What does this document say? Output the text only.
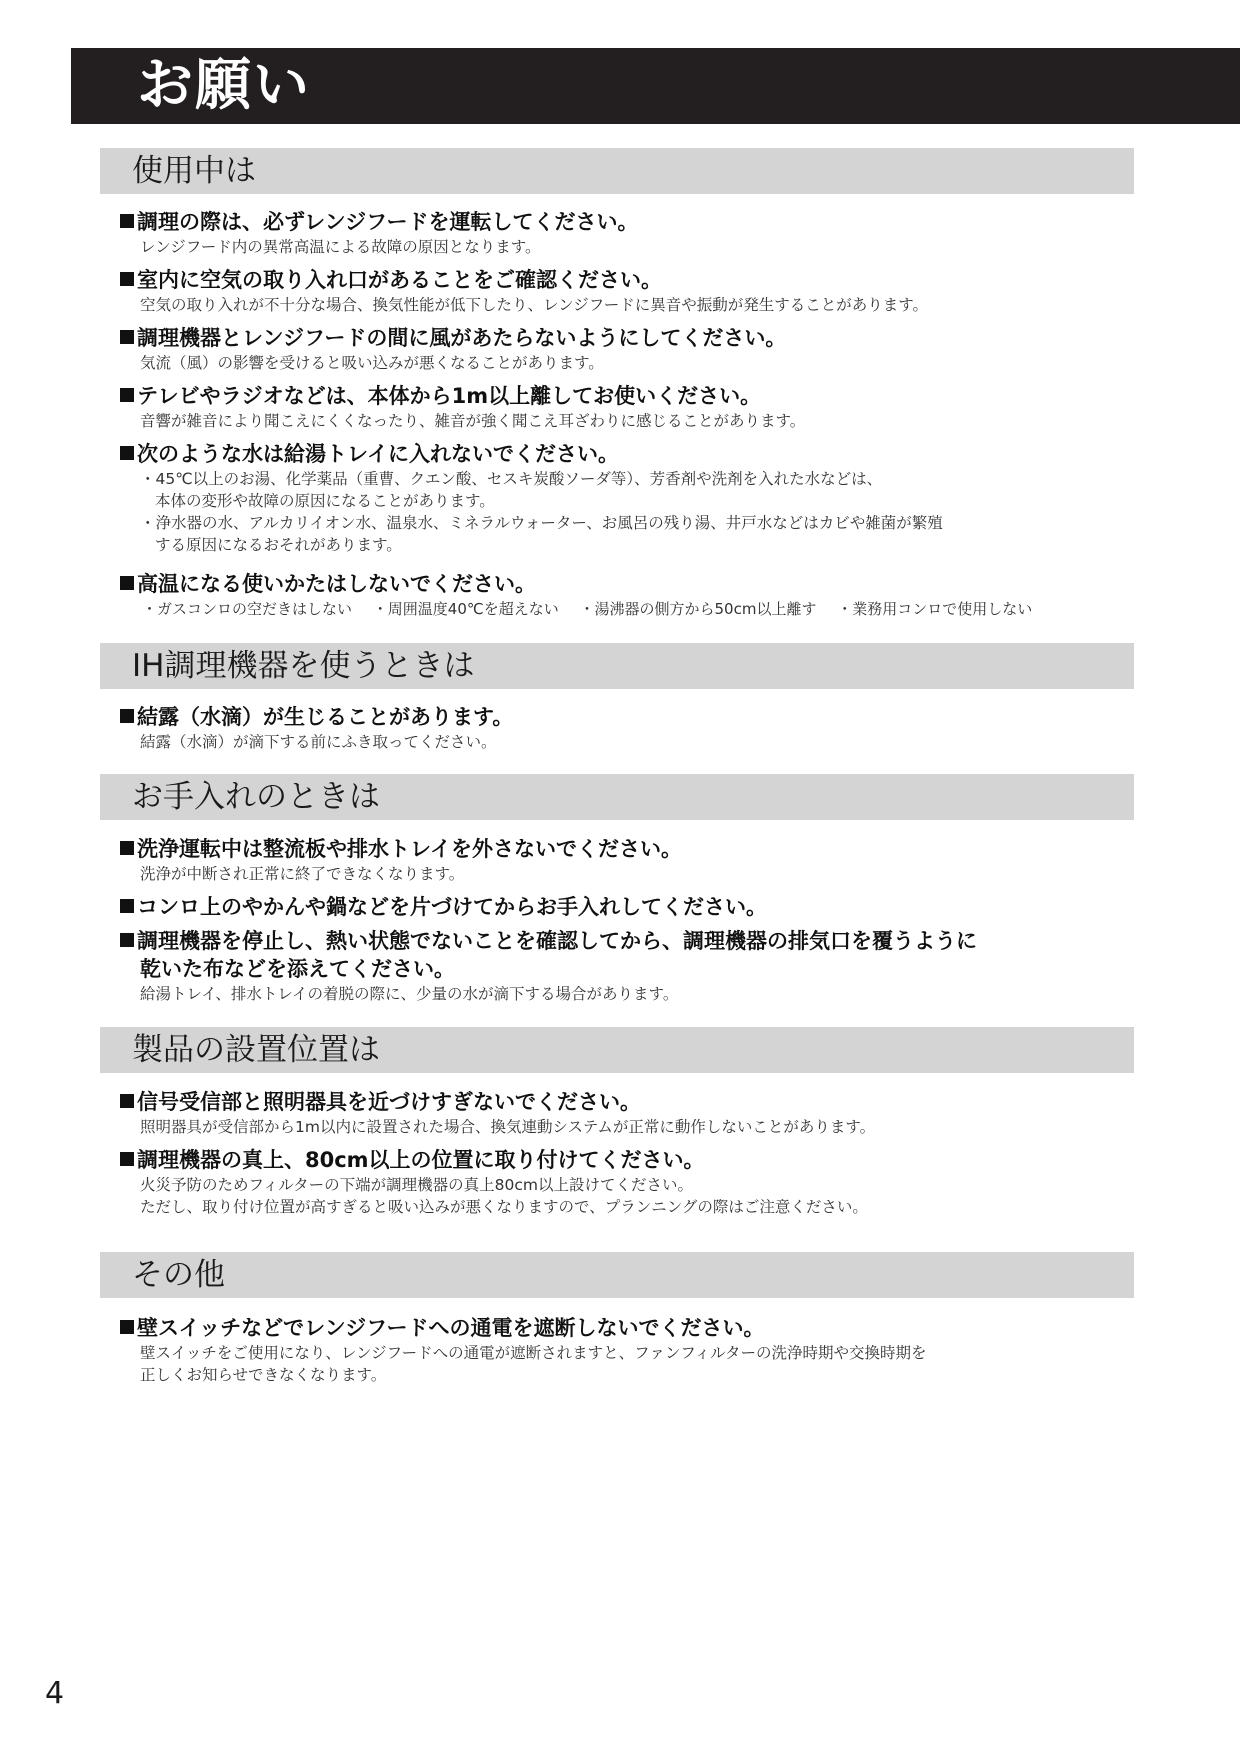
お願い
使用中は
調理の際は、必ずレンジフードを運転してください。
レンジフード内の異常高温による故障の原因となります。
室内に空気の取り入れ口があることをご確認ください。
空気の取り入れが不十分な場合、換気性能が低下したり、レンジフードに異音や振動が発生することがあります。
調理機器とレンジフードの間に風があたらないようにしてください。
気流（風）の影響を受けると吸い込みが悪くなることがあります。
テレビやラジオなどは、本体から1m以上離してお使いください。
音響が雑音により聞こえにくくなったり、雑音が強く聞こえ耳ざわりに感じることがあります。
次のような水は給湯トレイに入れないでください。
・45℃以上のお湯、化学薬品（重曹、クエン酸、セスキ炭酸ソーダ等）、芳香剤や洗剤を入れた水などは、
本体の変形や故障の原因になることがあります。
・浄水器の水、アルカリイオン水、温泉水、ミネラルウォーター、お風呂の残り湯、井戸水などはカビや雑菌が繁殖
する原因になるおそれがあります。
高温になる使いかたはしないでください。
・ガスコンロの空だきはしない ・周囲温度40℃を超えない ・湯沸器の側方から50cm以上離す ・業務用コンロで使用しない
IH調理機器を使うときは
結露（水滴）が生じることがあります。
結露（水滴）が滴下する前にふき取ってください。
お手入れのときは
洗浄運転中は整流板や排水トレイを外さないでください。
洗浄が中断され正常に終了できなくなります。
コンロ上のやかんや鍋などを片づけてからお手入れしてください。
調理機器を停止し、熱い状態でないことを確認してから、調理機器の排気口を覆うように
乾いた布などを添えてください。
給湯トレイ、排水トレイの着脱の際に、少量の水が滴下する場合があります。
製品の設置位置は
信号受信部と照明器具を近づけすぎないでください。
照明器具が受信部から1m以内に設置された場合、換気連動システムが正常に動作しないことがあります。
調理機器の真上、80cm以上の位置に取り付けてください。
火災予防のためフィルターの下端が調理機器の真上80cm以上設けてください。
ただし、取り付け位置が高すぎると吸い込みが悪くなりますので、プランニングの際はご注意ください。
その他
壁スイッチなどでレンジフードへの通電を遮断しないでください。
壁スイッチをご使用になり、レンジフードへの通電が遮断されますと、ファンフィルターの洗浄時期や交換時期を
正しくお知らせできなくなります。
4
